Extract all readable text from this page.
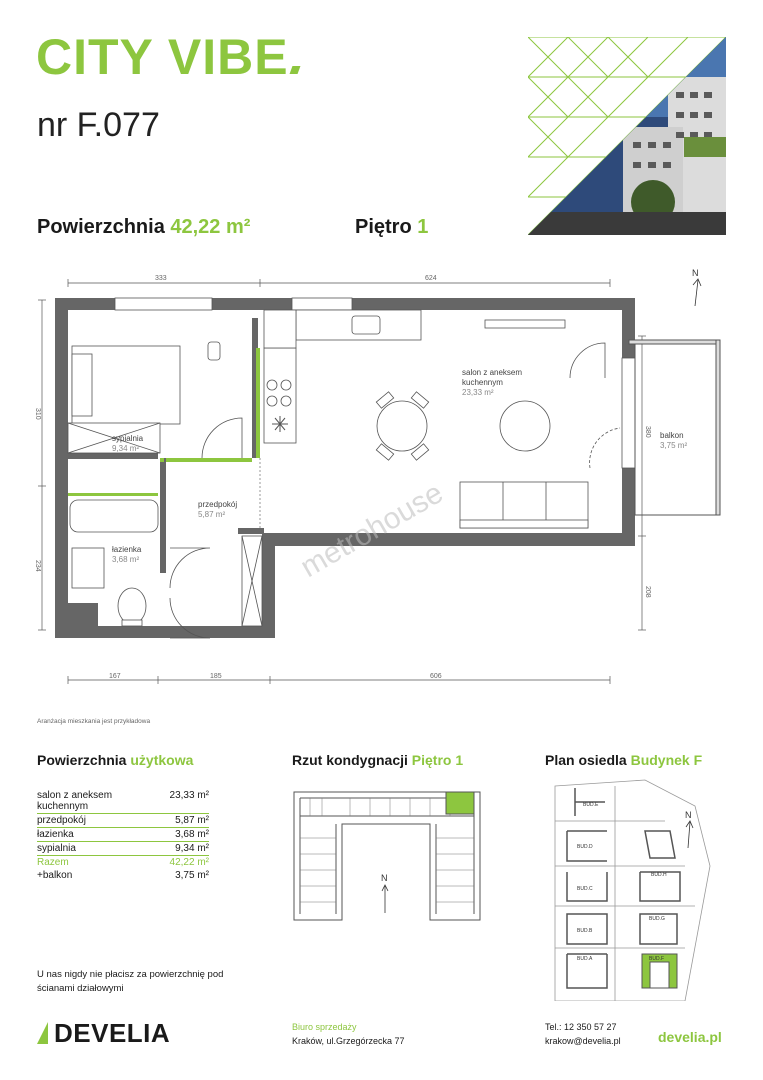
CITY VIBE
nr F.077
Powierzchnia 42,22 m²	Piętro 1
333	624
167	185	606
310
234
380
208
salon z aneksem
kuchennym
23,33 m²
sypialnia
9,34 m²
przedpokój
5,87 m²
łazienka
3,68 m²
balkon
3,75 m²
metrohouse
N
Aranżacja mieszkania jest przykładowa
Powierzchnia użytkowa
salon z aneksem kuchennym	23,33 m²
przedpokój	5,87 m²
łazienka	3,68 m²
sypialnia	9,34 m²
Razem	42,22 m²
+balkon	3,75 m²
Rzut kondygnacji Piętro 1
N
Plan osiedla Budynek F
BUD.E
BUD.D
BUD.C
BUD.H
BUD.B
BUD.G
BUD.A	BUD.F
N
U nas nigdy nie płacisz za powierzchnię pod ścianami działowymi
DEVELIA	Biuro sprzedaży
Kraków, ul.Grzegórzecka 77
Tel.: 12 350 57 27
krakow@develia.pl	develia.pl
